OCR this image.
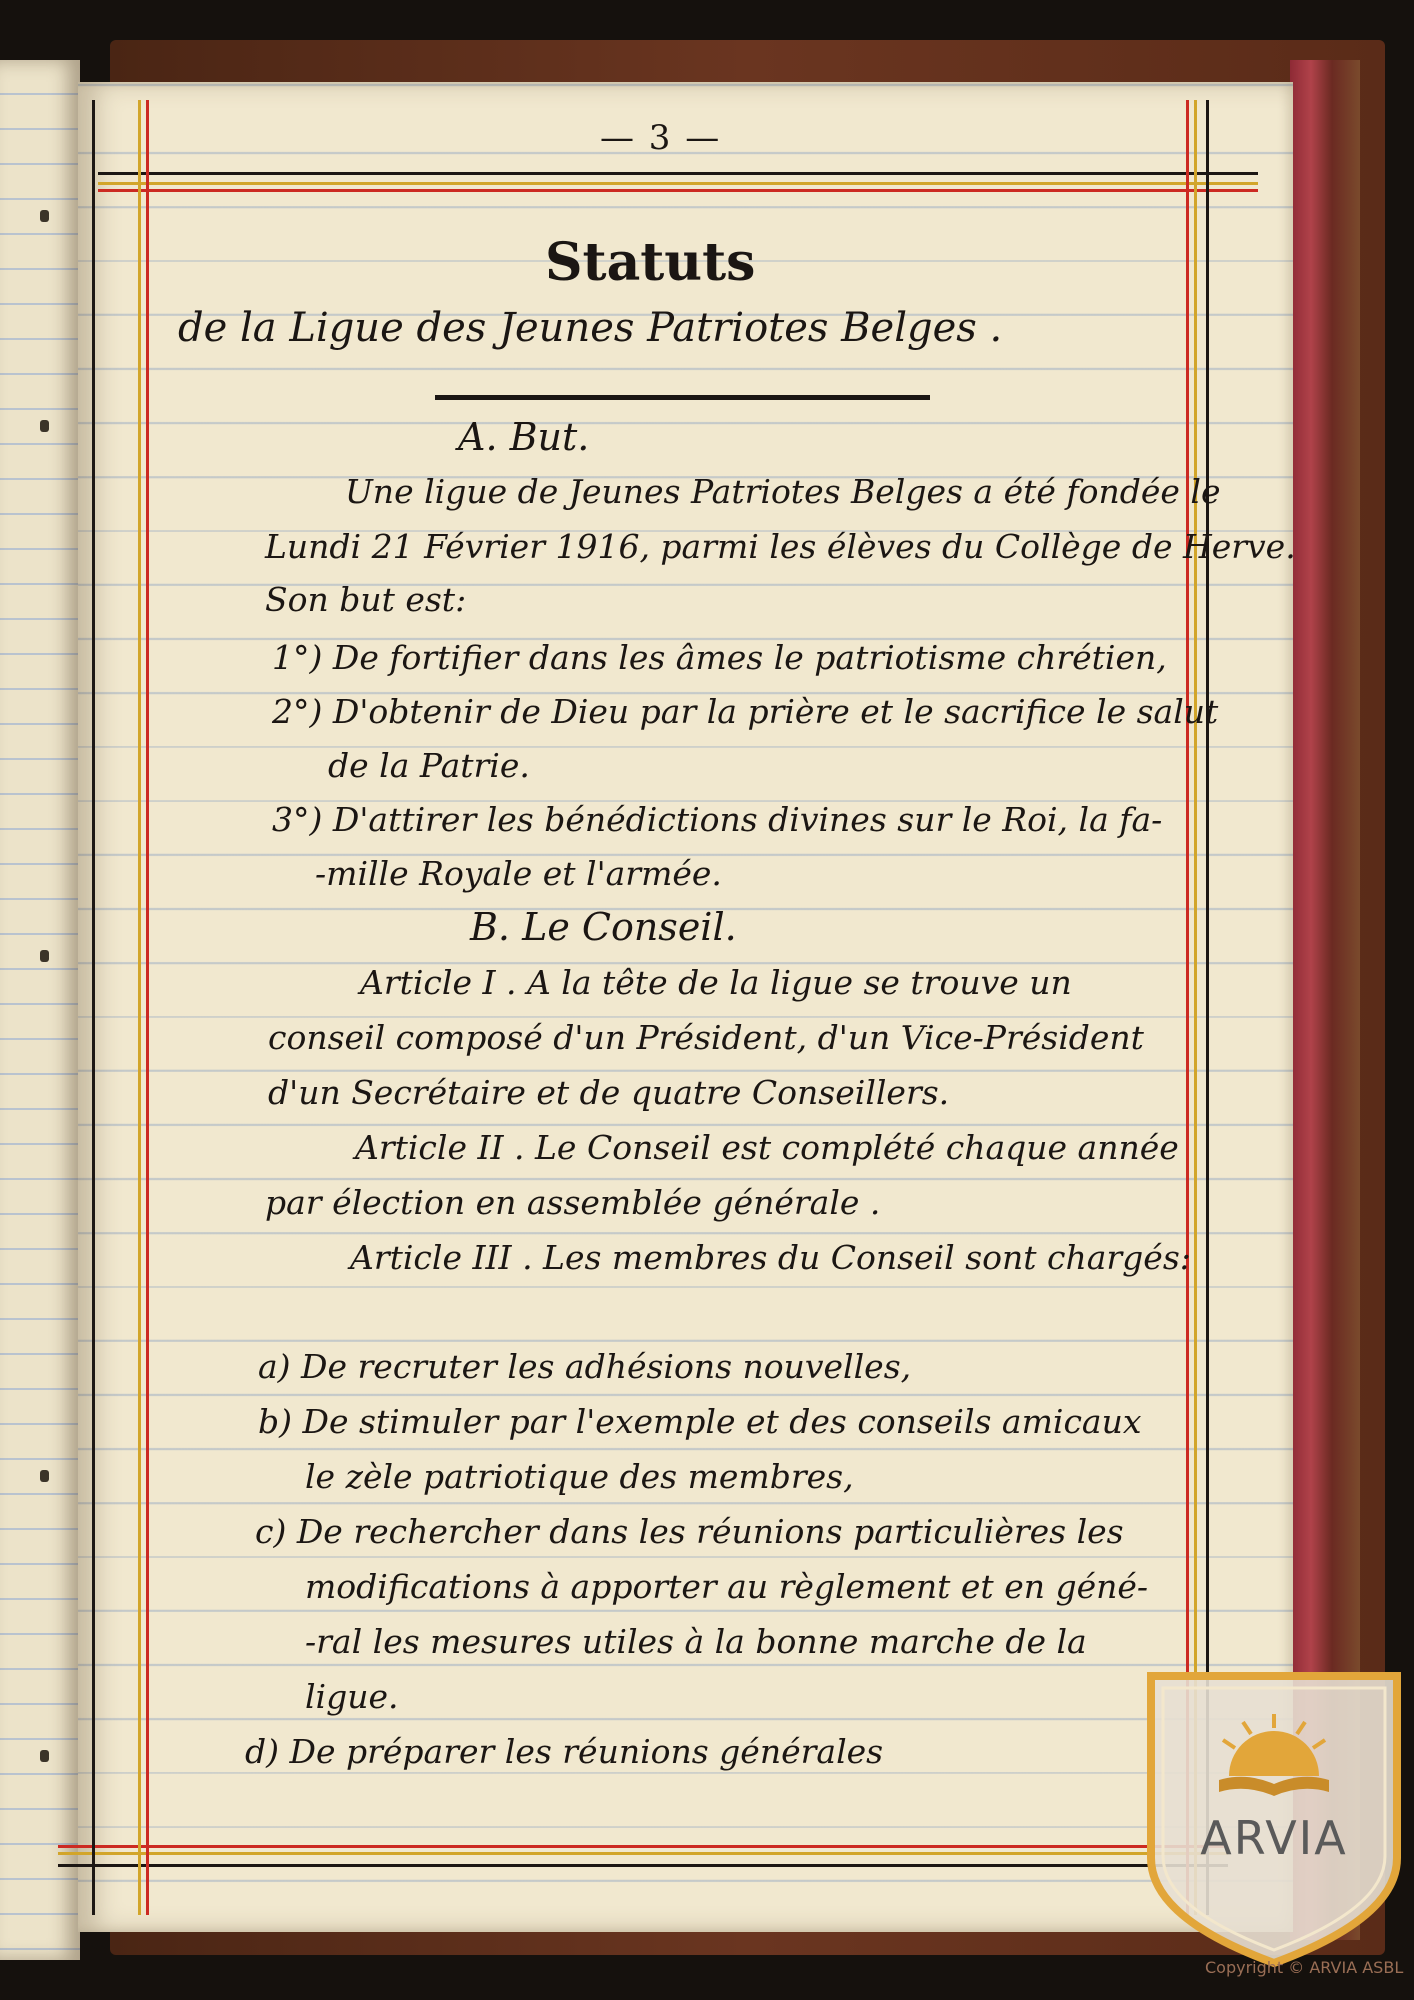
— 3 —
Statuts
de la Ligue des Jeunes Patriotes Belges .
A. But.
Une ligue de Jeunes Patriotes Belges a été fondée le
Lundi 21 Février 1916, parmi les élèves du Collège de Herve.
Son but est:
1°) De fortifier dans les âmes le patriotisme chrétien,
2°) D'obtenir de Dieu par la prière et le sacrifice le salut
de la Patrie.
3°) D'attirer les bénédictions divines sur le Roi, la fa-
-mille Royale et l'armée.
B. Le Conseil.
Article I . A la tête de la ligue se trouve un
conseil composé d'un Président, d'un Vice-Président
d'un Secrétaire et de quatre Conseillers.
Article II . Le Conseil est complété chaque année
par élection en assemblée générale .
Article III . Les membres du Conseil sont chargés:
a) De recruter les adhésions nouvelles,
b) De stimuler par l'exemple et des conseils amicaux
le zèle patriotique des membres,
c) De rechercher dans les réunions particulières les
modifications à apporter au règlement et en géné-
-ral les mesures utiles à la bonne marche de la
ligue.
d) De préparer les réunions générales
ARVIA
Copyright © ARVIA ASBL
